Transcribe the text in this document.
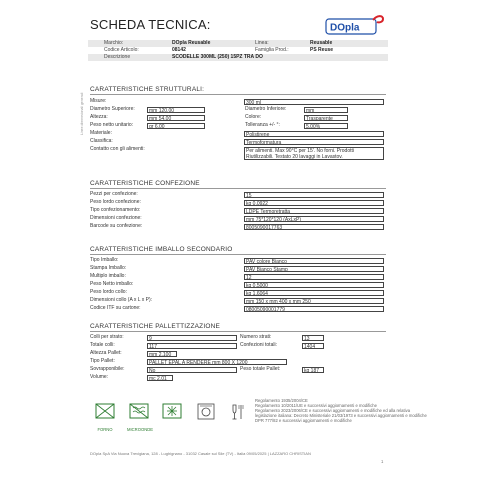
SCHEDA TECNICA:	DOpla
Marchio:	DOpla Reusable	Linea:	Reusable
Codice Articolo:	08142	Famiglia Prod.:	PS Reuse
Descrizione	SCODELLE 300ML (250) 15PZ TRA DO
Linee dimensionali generali
CARATTERISTICHE STRUTTURALI:
Misure:	300 ml
Diametro Superiore:	mm 120,00	Diametro Inferiore:	mm
Altezza:	mm 54,00	Colore:	Trasparente
Peso netto unitario:	gr 6,00	Tolleranza +/- °:	5,00%
Materiale:	Polistirene
Classifica:	Termoformatura
Contatto con gli alimenti:	Per alimenti. Max 90°C per 15'. No forni. Prodotti
Riutilizzabili. Testato 20 lavaggi in Lavastov.
CARATTERISTICHE CONFEZIONE
Pezzi per confezione:	15
Peso lordo confezione:	kg 0,0922
Tipo confezionamento:	LDPE Termoretratta
Dimensioni confezione:	mm 75*120*120 (AxLxP)
Barcode su confezione:	8005090017763
CARATTERISTICHE IMBALLO SECONDARIO
Tipo Imballo:	PAV colore Bianco
Stampa Imballo:	PAV Bianco Stamp
Multiplo imballo:	12
Peso Netto imballo:	kg 0,5000
Peso lordo collo:	kg 1,6064
Dimensioni collo (A x L x P):	mm 150 x mm 400 x mm 250
Codice ITF su cartone:	08005090001779
CARATTERISTICHE PALLETTIZZAZIONE
Colli per strato:	9	Numero strati:	13
Totale colli:	117	Confezioni totali:	1404
Altezza Pallet:	mm 2.100
Tipo Pallet:	PALLET EPAL A RENDERE mm 800 X 1200
Sovrapponibile:	No	Peso totale Pallet:	kg 187
Volume:	mc 2,01
FORNO	MICROONDE
Regolamento 1935/2004/CE
Regolamento 10/2011/UE e successivi aggiornamenti e modifiche
Regolamento 2023/2006/CE e successivi aggiornamenti e modifiche ed alla relativa
legislazione italiana: Decreto Ministeriale 21/03/1973 e successivi aggiornamenti e modifiche
DPR 777/82 e successivi aggiornamenti e modifiche
DOpla SpA Via Nuova Trevigiana, 128 - Lughignano - 31032 Casale sul Sile (TV) - Italia 09/05/2025 | LAZZARO CHRISTIAN
1
